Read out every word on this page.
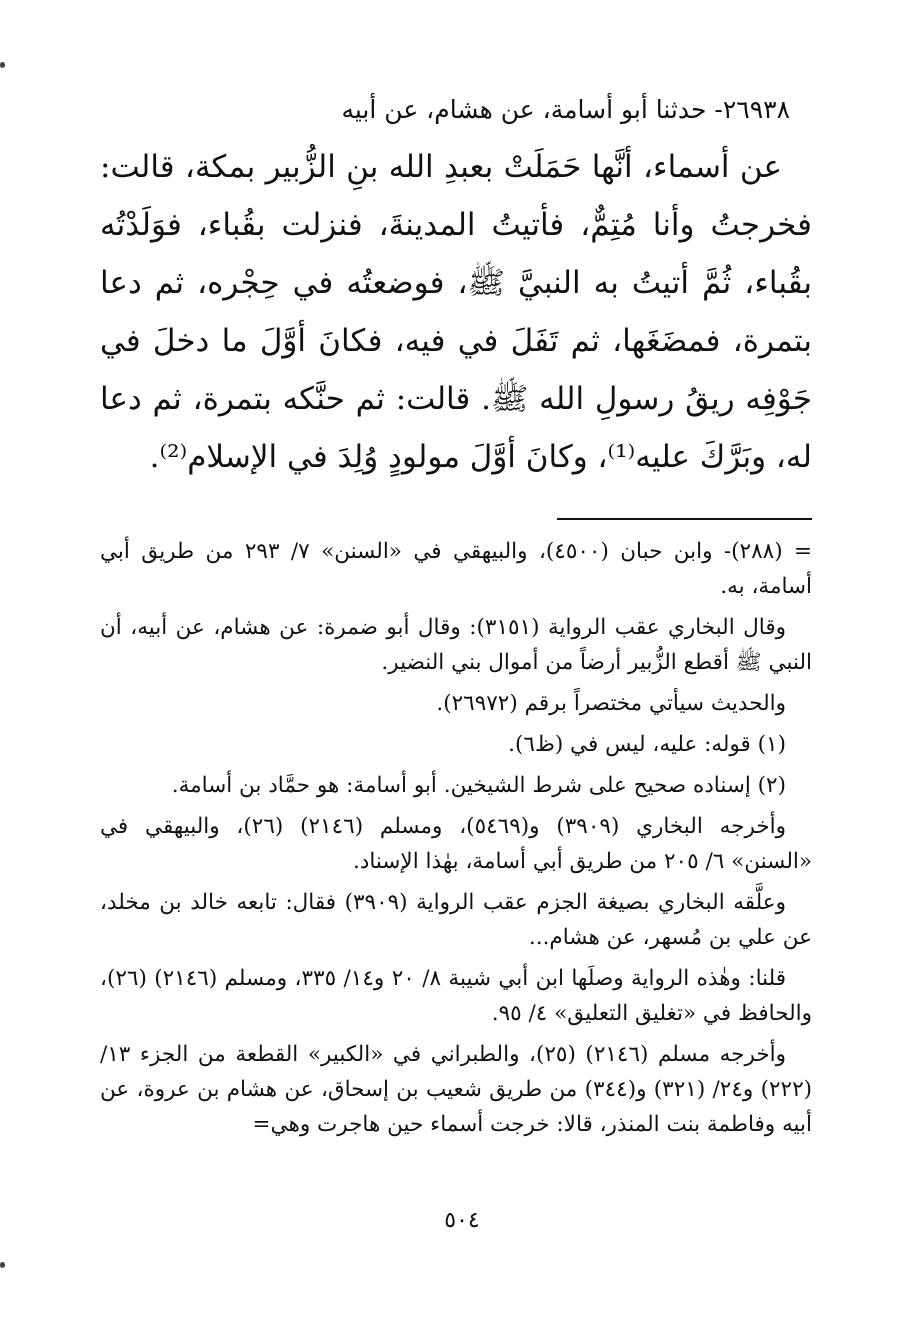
٢٦٩٣٨- حدثنا أبو أسامة، عن هشام، عن أبيه

عن أسماء، أنَّها حَمَلَتْ بعبدِ الله بنِ الزُّبير بمكة، قالت: فخرجتُ وأنا مُتِمٌّ، فأتيتُ المدينةَ، فنزلت بقُباء، فوَلَدْتُه بقُباء، ثُمَّ أتيتُ به النبيَّ ﷺ، فوضعتُه في حِجْره، ثم دعا بتمرة، فمضَغَها، ثم تَفَلَ في فيه، فكانَ أوَّلَ ما دخلَ في جَوْفِه ريقُ رسولِ الله ﷺ. قالت: ثم حنَّكه بتمرة، ثم دعا له، وبَرَّكَ عليه⁽¹⁾، وكانَ أوَّلَ مولودٍ وُلِدَ في الإسلام⁽²⁾.

= (٢٨٨)- وابن حبان (٤٥٠٠)، والبيهقي في «السنن» ٧/ ٢٩٣ من طريق أبي أسامة، به.

وقال البخاري عقب الرواية (٣١٥١): وقال أبو ضمرة: عن هشام، عن أبيه، أن النبي ﷺ أقطع الزُّبير أرضاً من أموال بني النضير.

والحديث سيأتي مختصراً برقم (٢٦٩٧٢).

(١) قوله: عليه، ليس في (ظ٦).

(٢) إسناده صحيح على شرط الشيخين. أبو أسامة: هو حمَّاد بن أسامة.

وأخرجه البخاري (٣٩٠٩) و(٥٤٦٩)، ومسلم (٢١٤٦) (٢٦)، والبيهقي في «السنن» ٦/ ٢٠٥ من طريق أبي أسامة، بهٰذا الإسناد.

وعلَّقه البخاري بصيغة الجزم عقب الرواية (٣٩٠٩) فقال: تابعه خالد بن مخلد، عن علي بن مُسهر، عن هشام...

قلنا: وهٰذه الرواية وصلَها ابن أبي شيبة ٨/ ٢٠ و١٤/ ٣٣٥، ومسلم (٢١٤٦) (٢٦)، والحافظ في «تغليق التعليق» ٤/ ٩٥.

وأخرجه مسلم (٢١٤٦) (٢٥)، والطبراني في «الكبير» القطعة من الجزء ١٣/ (٢٢٢) و٢٤/ (٣٢١) و(٣٤٤) من طريق شعيب بن إسحاق، عن هشام بن عروة، عن أبيه وفاطمة بنت المنذر، قالا: خرجت أسماء حين هاجرت وهي=

٥٠٤
